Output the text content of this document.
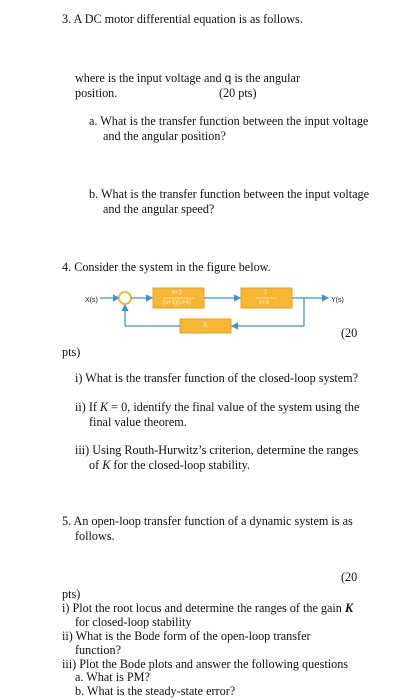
3. A DC motor differential equation is as follows.
where is the input voltage and q is the angular
position.	(20 pts)
a. What is the transfer function between the input voltage
and the angular position?
b. What is the transfer function between the input voltage
and the angular speed?
4. Consider the system in the figure below.
X(s)	Y(s)
s+2
(s+1)(s+4)
1
s+3
K
(20
pts)
i) What is the transfer function of the closed-loop system?
ii) If K = 0, identify the final value of the system using the
final value theorem.
iii) Using Routh-Hurwitz’s criterion, determine the ranges
of K for the closed-loop stability.
5. An open-loop transfer function of a dynamic system is as
follows.
(20
pts)
i) Plot the root locus and determine the ranges of the gain K
for closed-loop stability
ii) What is the Bode form of the open-loop transfer
function?
iii) Plot the Bode plots and answer the following questions
a. What is PM?
b. What is the steady-state error?
